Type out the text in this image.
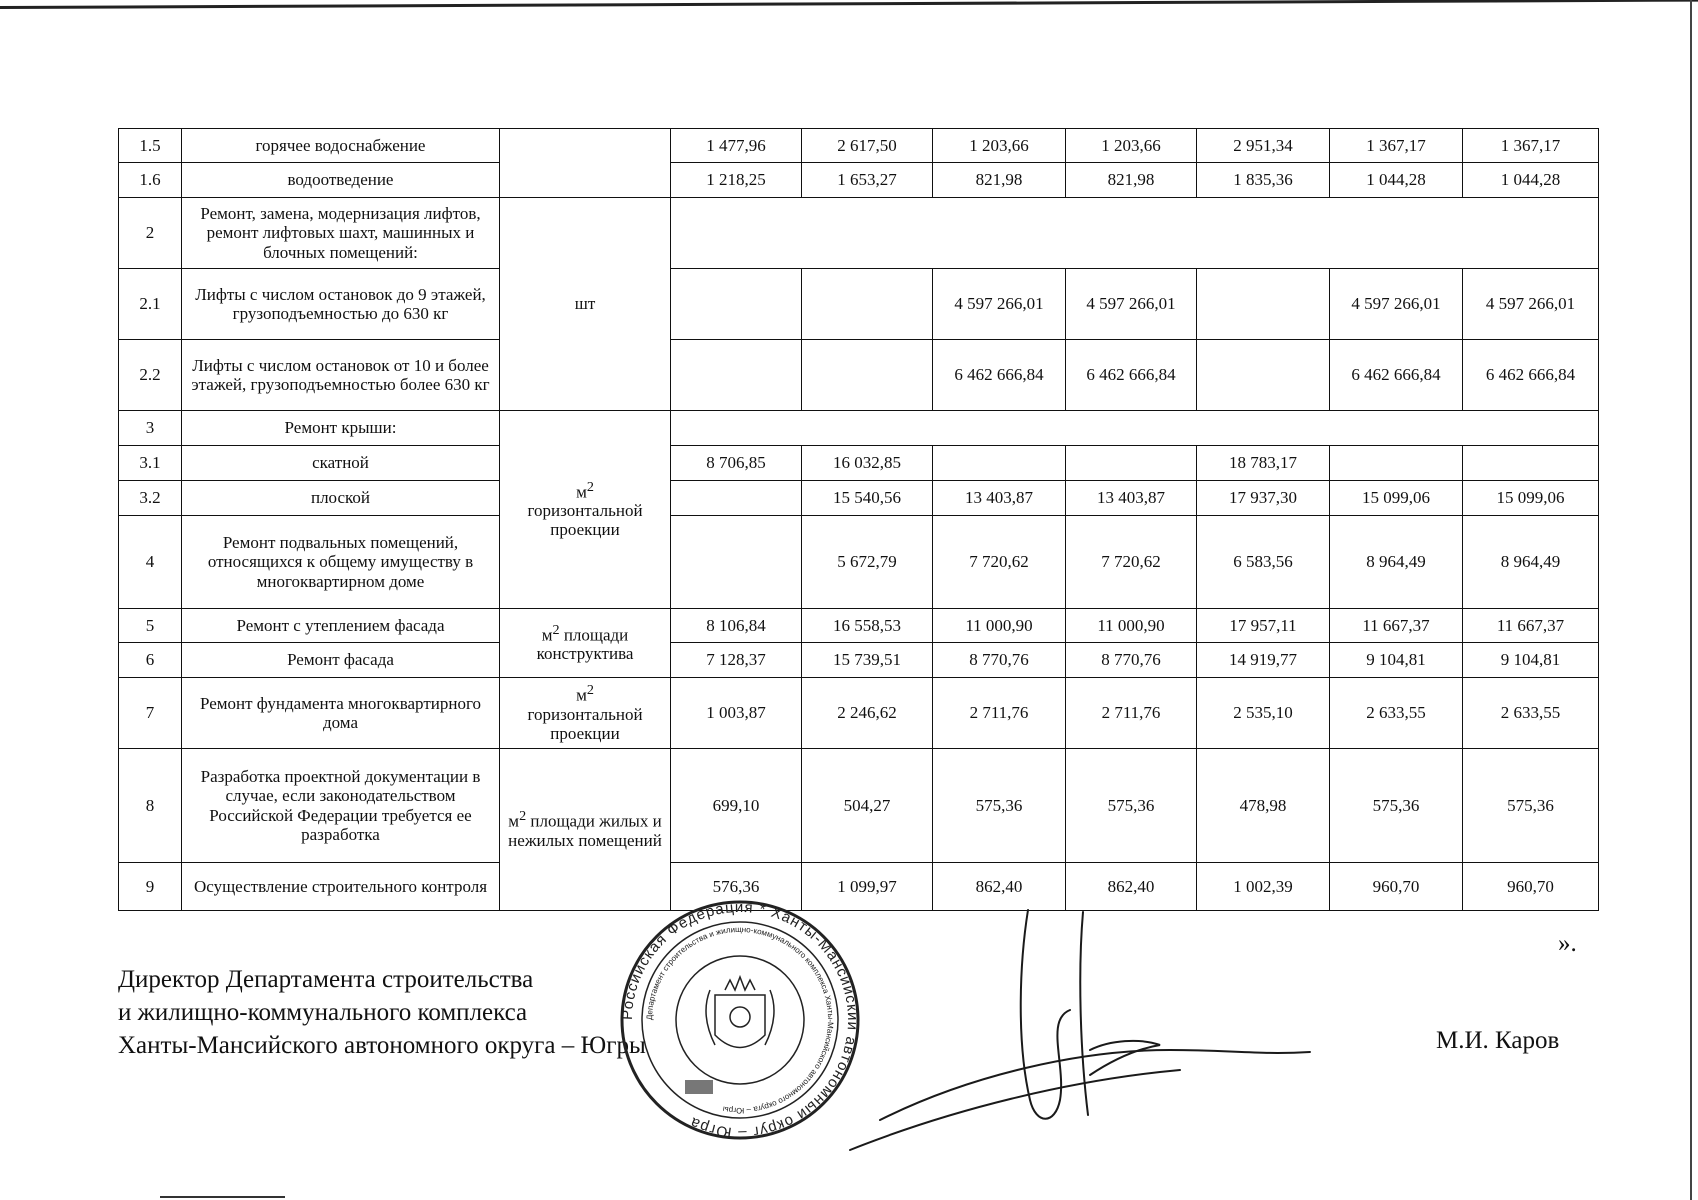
1.5	горячее водоснабжение		1 477,96	2 617,50	1 203,66	1 203,66	2 951,34	1 367,17	1 367,17
1.6	водоотведение		1 218,25	1 653,27	821,98	821,98	1 835,36	1 044,28	1 044,28
2	Ремонт, замена, модернизация лифтов, ремонт лифтовых шахт, машинных и блочных помещений:	шт							
2.1	Лифты с числом остановок до 9 этажей, грузоподъемностью до 630 кг				4 597 266,01	4 597 266,01		4 597 266,01	4 597 266,01
2.2	Лифты с числом остановок от 10 и более этажей, грузоподъемностью более 630 кг				6 462 666,84	6 462 666,84		6 462 666,84	6 462 666,84
3	Ремонт крыши:	$м^2$
горизонтальной проекции							
3.1	скатной		8 706,85	16 032,85			18 783,17		
3.2	плоской			15 540,56	13 403,87	13 403,87	17 937,30	15 099,06	15 099,06
4	Ремонт подвальных помещений, относящихся к общему имуществу в многоквартирном доме			5 672,79	7 720,62	7 720,62	6 583,56	8 964,49	8 964,49
5	Ремонт с утеплением фасада	$м^2$ площади конструктива	8 106,84	16 558,53	11 000,90	11 000,90	17 957,11	11 667,37	11 667,37
6	Ремонт фасада		7 128,37	15 739,51	8 770,76	8 770,76	14 919,77	9 104,81	9 104,81
7	Ремонт фундамента многоквартирного дома	$м^2$
горизонтальной проекции	1 003,87	2 246,62	2 711,76	2 711,76	2 535,10	2 633,55	2 633,55
8	Разработка проектной документации в случае, если законодательством Российской Федерации требуется ее разработка	$м^2$ площади жилых и нежилых помещений	699,10	504,27	575,36	575,36	478,98	575,36	575,36
9	Осуществление строительного контроля		576,36	1 099,97	862,40	862,40	1 002,39	960,70	960,70
».
Директор Департамента строительства
и жилищно-коммунального комплекса
Ханты-Мансийского автономного округа – Югры
Российская Федерация * Ханты-Мансийский автономный округ – Югра
Департамент строительства и жилищно-коммунального комплекса Ханты-Мансийского автономного округа – Югры
М.И. Каров
